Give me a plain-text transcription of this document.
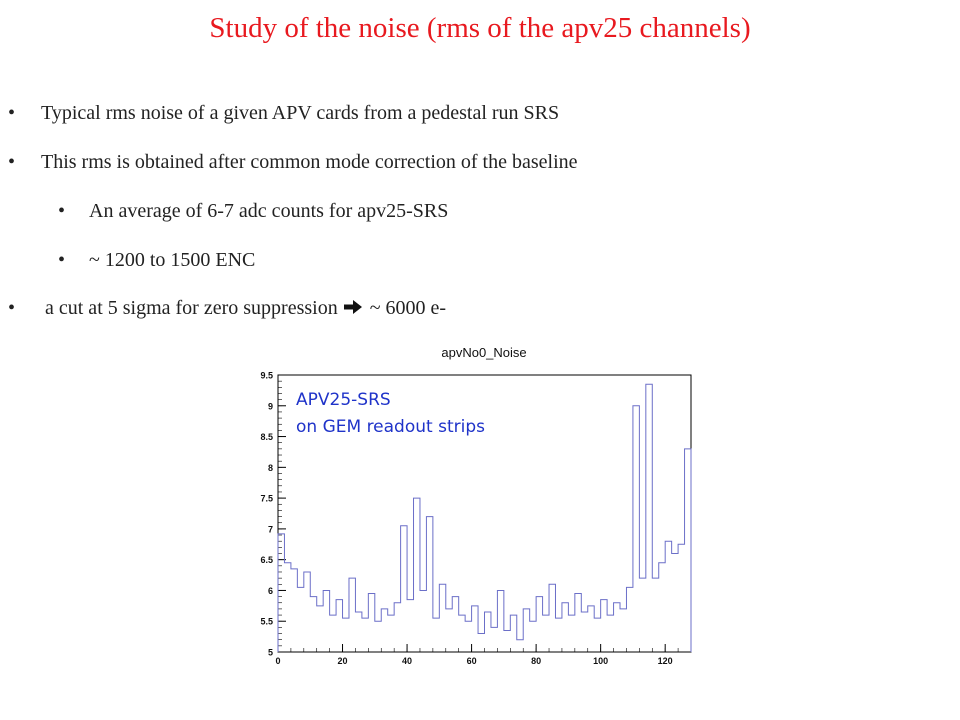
Study of the noise (rms of the apv25 channels)
• Typical rms noise of a given APV cards from a pedestal run SRS
• This rms is obtained after common mode correction of the baseline
• An average of 6-7 adc counts for apv25-SRS
• ~ 1200 to 1500 ENC
• a cut at 5 sigma for zero suppression ~ 6000 e-
apvNo0_Noise
5
5.5
6
6.5
7
7.5
8
8.5
9
9.5
0	20	40	60	80	100	120
APV25-SRS
on GEM readout strips
